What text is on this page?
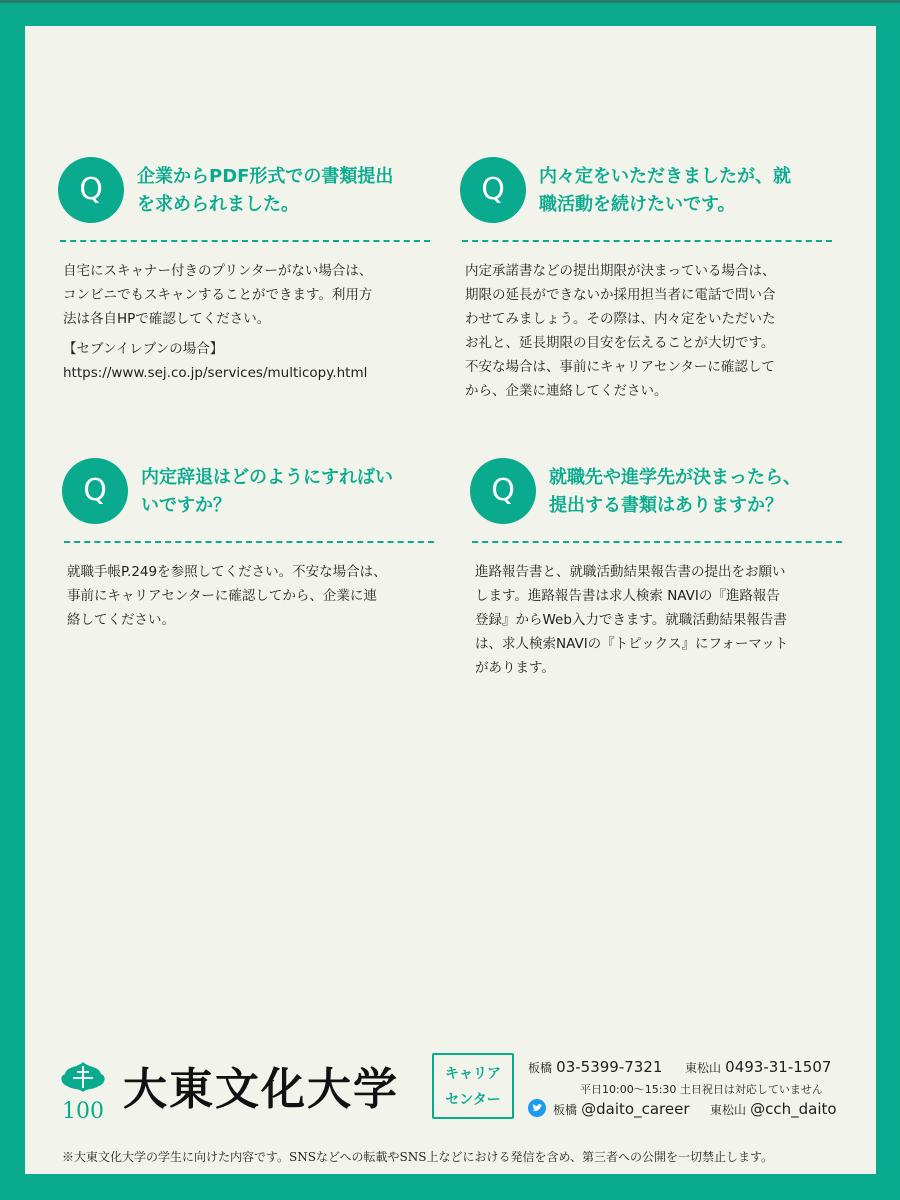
Q	企業からPDF形式での書類提出
を求められました。

自宅にスキャナー付きのプリンターがない場合は、
コンビニでもスキャンすることができます。利用方
法は各自HPで確認してください。

【セブンイレブンの場合】
https://www.sej.co.jp/services/multicopy.html

Q	内々定をいただきましたが、就
職活動を続けたいです。

内定承諾書などの提出期限が決まっている場合は、
期限の延長ができないか採用担当者に電話で問い合
わせてみましょう。その際は、内々定をいただいた
お礼と、延長期限の目安を伝えることが大切です。
不安な場合は、事前にキャリアセンターに確認して
から、企業に連絡してください。

Q	内定辞退はどのようにすればい
いですか？

就職手帳P.249を参照してください。不安な場合は、
事前にキャリアセンターに確認してから、企業に連
絡してください。

Q	就職先や進学先が決まったら、
提出する書類はありますか？

進路報告書と、就職活動結果報告書の提出をお願い
します。進路報告書は求人検索 NAVIの『進路報告
登録』からWeb入力できます。就職活動結果報告書
は、求人検索NAVIの『トピックス』にフォーマット
があります。

100 大東文化大学	キャリア
センター
板橋 03-5399-7321 東松山 0493-31-1507
平日10:00～15:30 土日祝日は対応していません
板橋 @daito_career 東松山 @cch_daito
※大東文化大学の学生に向けた内容です。SNSなどへの転載やSNS上などにおける発信を含め、第三者への公開を一切禁止します。
